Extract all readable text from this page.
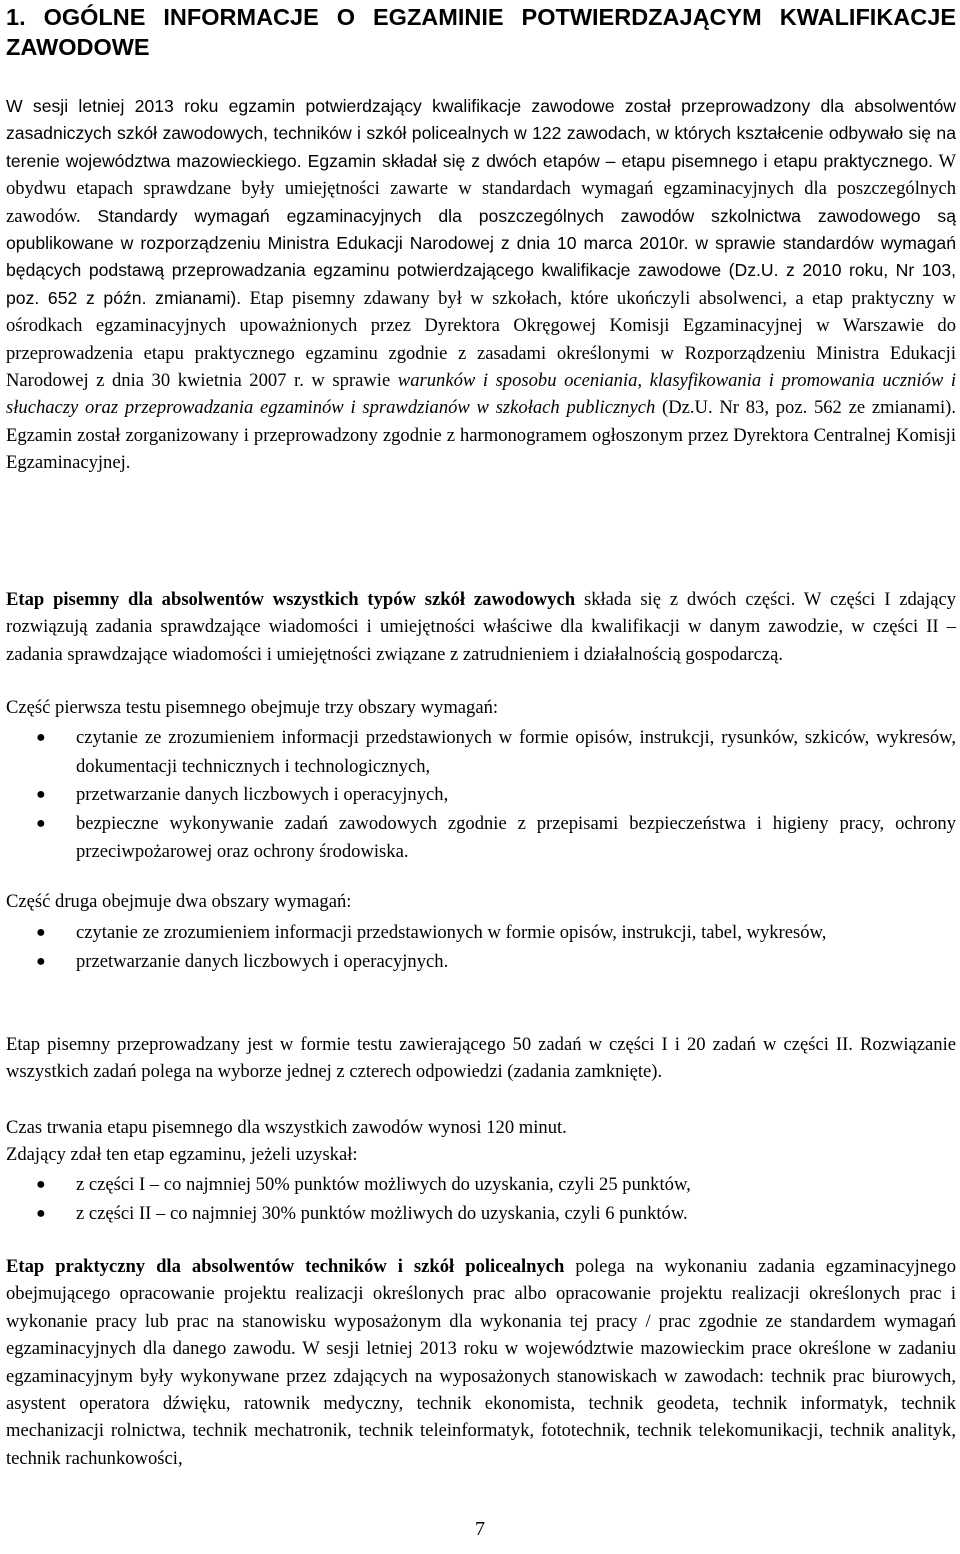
1. OGÓLNE INFORMACJE O EGZAMINIE POTWIERDZAJĄCYM KWALIFIKACJE ZAWODOWE
W sesji letniej 2013 roku egzamin potwierdzający kwalifikacje zawodowe został przeprowadzony dla absolwentów zasadniczych szkół zawodowych, techników i szkół policealnych w 122 zawodach, w których kształcenie odbywało się na terenie województwa mazowieckiego. Egzamin składał się z dwóch etapów – etapu pisemnego i etapu praktycznego. W obydwu etapach sprawdzane były umiejętności zawarte w standardach wymagań egzaminacyjnych dla poszczególnych zawodów. Standardy wymagań egzaminacyjnych dla poszczególnych zawodów szkolnictwa zawodowego są opublikowane w rozporządzeniu Ministra Edukacji Narodowej z dnia 10 marca 2010r. w sprawie standardów wymagań będących podstawą przeprowadzania egzaminu potwierdzającego kwalifikacje zawodowe (Dz.U. z 2010 roku, Nr 103, poz. 652 z późn. zmianami). Etap pisemny zdawany był w szkołach, które ukończyli absolwenci, a etap praktyczny w ośrodkach egzaminacyjnych upoważnionych przez Dyrektora Okręgowej Komisji Egzaminacyjnej w Warszawie do przeprowadzenia etapu praktycznego egzaminu zgodnie z zasadami określonymi w Rozporządzeniu Ministra Edukacji Narodowej z dnia 30 kwietnia 2007 r. w sprawie warunków i sposobu oceniania, klasyfikowania i promowania uczniów i słuchaczy oraz przeprowadzania egzaminów i sprawdzianów w szkołach publicznych (Dz.U. Nr 83, poz. 562 ze zmianami). Egzamin został zorganizowany i przeprowadzony zgodnie z harmonogramem ogłoszonym przez Dyrektora Centralnej Komisji Egzaminacyjnej.
Etap pisemny dla absolwentów wszystkich typów szkół zawodowych składa się z dwóch części. W części I zdający rozwiązują zadania sprawdzające wiadomości i umiejętności właściwe dla kwalifikacji w danym zawodzie, w części II – zadania sprawdzające wiadomości i umiejętności związane z zatrudnieniem i działalnością gospodarczą.
Część pierwsza testu pisemnego obejmuje trzy obszary wymagań:
● czytanie ze zrozumieniem informacji przedstawionych w formie opisów, instrukcji, rysunków, szkiców, wykresów, dokumentacji technicznych i technologicznych,
● przetwarzanie danych liczbowych i operacyjnych,
● bezpieczne wykonywanie zadań zawodowych zgodnie z przepisami bezpieczeństwa i higieny pracy, ochrony przeciwpożarowej oraz ochrony środowiska.
Część druga obejmuje dwa obszary wymagań:
● czytanie ze zrozumieniem informacji przedstawionych w formie opisów, instrukcji, tabel, wykresów,
● przetwarzanie danych liczbowych i operacyjnych.
Etap pisemny przeprowadzany jest w formie testu zawierającego 50 zadań w części I i 20 zadań w części II. Rozwiązanie wszystkich zadań polega na wyborze jednej z czterech odpowiedzi (zadania zamknięte).
Czas trwania etapu pisemnego dla wszystkich zawodów wynosi 120 minut.
Zdający zdał ten etap egzaminu, jeżeli uzyskał:
● z części I – co najmniej 50% punktów możliwych do uzyskania, czyli 25 punktów,
● z części II – co najmniej 30% punktów możliwych do uzyskania, czyli 6 punktów.
Etap praktyczny dla absolwentów techników i szkół policealnych polega na wykonaniu zadania egzaminacyjnego obejmującego opracowanie projektu realizacji określonych prac albo opracowanie projektu realizacji określonych prac i wykonanie pracy lub prac na stanowisku wyposażonym dla wykonania tej pracy / prac zgodnie ze standardem wymagań egzaminacyjnych dla danego zawodu. W sesji letniej 2013 roku w województwie mazowieckim prace określone w zadaniu egzaminacyjnym były wykonywane przez zdających na wyposażonych stanowiskach w zawodach: technik prac biurowych, asystent operatora dźwięku, ratownik medyczny, technik ekonomista, technik geodeta, technik informatyk, technik mechanizacji rolnictwa, technik mechatronik, technik teleinformatyk, fototechnik, technik telekomunikacji, technik analityk, technik rachunkowości,
7
